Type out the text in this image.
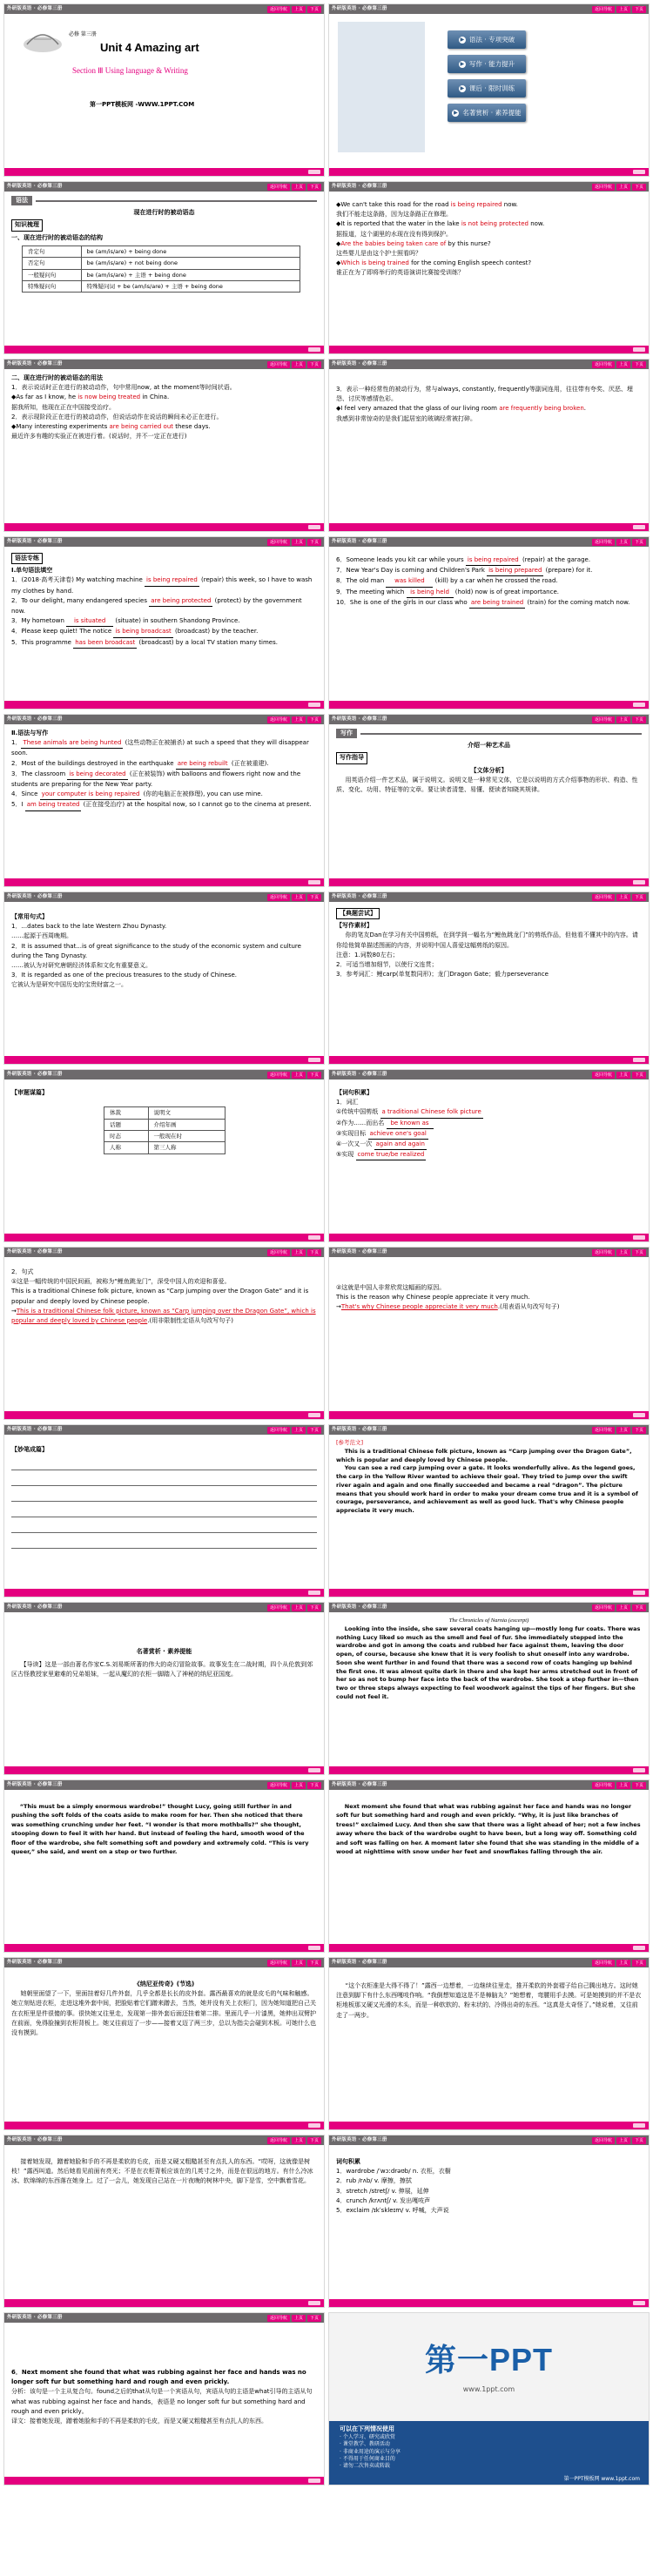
外研版英语 · 必修第三册	返回导航	上页	下页
必修 第三册
Unit 4 Amazing art
Section Ⅲ Using language & Writing
第一PPT模板网 -WWW.1PPT.COM
外研版英语 · 必修第三册	返回导航	上页	下页
▶ 语法 · 专项突破
▶ 写作 · 能力提升
▶ 课后 · 限时训练
▶ 名著赏析 · 素养提能
外研版英语 · 必修第三册	返回导航	上页	下页
语法
现在进行时的被动语态
知识梳理
一、现在进行时的被动语态的结构
肯定句	be (am/is/are) + being done
否定句	be (am/is/are) + not being done
一般疑问句	be (am/is/are) + 主语 + being done
特殊疑问句	特殊疑问词 + be (am/is/are) + 主语 + being done
外研版英语 · 必修第三册	返回导航	上页	下页
◆We can't take this road for the road is being repaired now.
我们不能走这条路，因为这条路正在修理。
◆It is reported that the water in the lake is not being protected now.
据报道，这个湖里的水现在没有得到保护。
◆Are the babies being taken care of by this nurse?
这些婴儿是由这个护士照看吗？
◆Which is being trained for the coming English speech contest?
谁正在为了即将举行的英语演讲比赛接受训练？
外研版英语 · 必修第三册	返回导航	上页	下页
二、现在进行时的被动语态的用法
1．表示说话时正在进行的被动动作，句中常用now, at the moment等时间状语。
◆As far as I know, he is now being treated in China.
据我所知，他现在正在中国接受治疗。
2．表示现阶段正在进行的被动动作，但说话动作在说话的瞬间未必正在进行。
◆Many interesting experiments are being carried out these days.
最近许多有趣的实验正在被进行着。(说话时，并不一定正在进行)
外研版英语 · 必修第三册	返回导航	上页	下页
3．表示一种经常性的被动行为，常与always, constantly, frequently等副词连用，往往带有夸奖、厌恶、埋怨、讨厌等感情色彩。
◆I feel very amazed that the glass of our living room are frequently being broken.
我感到非常惊奇的是我们起居室的玻璃经常被打碎。
外研版英语 · 必修第三册	返回导航	上页	下页
语法专练
Ⅰ.单句语法填空
1．(2018·高考天津卷) My watching machine is being repaired (repair) this week, so I have to wash my clothes by hand.
2．To our delight, many endangered species are being protected (protect) by the government now.
3．My hometown is situated (situate) in southern Shandong Province.
4．Please keep quiet! The notice is being broadcast (broadcast) by the teacher.
5．This programme has been broadcast (broadcast) by a local TV station many times.
外研版英语 · 必修第三册	返回导航	上页	下页
6．Someone leads you kit car while yours is being repaired (repair) at the garage.
7．New Year's Day is coming and Children's Park is being prepared (prepare) for it.
8．The old man was killed (kill) by a car when he crossed the road.
9．The meeting which is being held (hold) now is of great importance.
10．She is one of the girls in our class who are being trained (train) for the coming match now.
外研版英语 · 必修第三册	返回导航	上页	下页
Ⅱ.语法与写作
1． These animals are being hunted (这些动物正在被捕杀) at such a speed that they will disappear soon.
2．Most of the buildings destroyed in the earthquake are being rebuilt (正在被重建).
3．The classroom is being decorated (正在被装饰) with balloons and flowers right now and the students are preparing for the New Year party.
4．Since your computer is being repaired (你的电脑正在被修理), you can use mine.
5．I am being treated (正在接受治疗) at the hospital now, so I cannot go to the cinema at present.
外研版英语 · 必修第三册	返回导航	上页	下页
写作
介绍一种艺术品
写作指导
【文体分析】
用英语介绍一件艺术品，属于说明文。说明文是一种常见文体，它是以说明的方式介绍事物的形状、构造、性质、变化、功用、特征等的文章。要让读者清楚、易懂、便读者知晓其规律。
外研版英语 · 必修第三册	返回导航	上页	下页
【常用句式】
1．...dates back to the late Western Zhou Dynasty.
……起源于西周晚期。
2．It is assumed that...is of great significance to the study of the economic system and culture during the Tang Dynasty.
……被认为对研究唐朝经济体系和文化有重要意义。
3．It is regarded as one of the precious treasures to the study of Chinese.
它被认为是研究中国历史的宝贵财富之一。
外研版英语 · 必修第三册	返回导航	上页	下页
【典题尝试】
【写作素材】
你的笔友Dan在学习有关中国剪纸，在到学到一幅名为“鲤鱼跳龙门”的剪纸作品，但他看不懂其中的内容。请你给他简单描述图画的内容，并说明中国人喜爱这幅剪纸的原因。
注意：1.词数80左右；
2．可适当增加细节，以使行文连贯；
3．参考词汇：鲤carp(单复数同形)；龙门Dragon Gate；毅力perseverance
外研版英语 · 必修第三册	返回导航	上页	下页
【审题谋篇】
体裁	说明文
话题	介绍年画
时态	一般现在时
人称	第三人称
外研版英语 · 必修第三册	返回导航	上页	下页
【词句积累】
1．词汇
①传统中国剪纸 a traditional Chinese folk picture
②作为……而出名 be known as
③实现目标 achieve one's goal
④一次又一次 again and again
⑤实现 come true/be realized
外研版英语 · 必修第三册	返回导航	上页	下页
2．句式
①这是一幅传统的中国民间画，被称为“鲤鱼跳龙门”，深受中国人的欢迎和喜爱。
This is a traditional Chinese folk picture, known as “Carp jumping over the Dragon Gate” and it is popular and deeply loved by Chinese people.
→This is a traditional Chinese folk picture, known as “Carp jumping over the Dragon Gate”, which is popular and deeply loved by Chinese people.(用非限制性定语从句改写句子)
外研版英语 · 必修第三册	返回导航	上页	下页
②这就是中国人非常欣赏这幅画的原因。
This is the reason why Chinese people appreciate it very much.
→That's why Chinese people appreciate it very much.(用表语从句改写句子)
外研版英语 · 必修第三册	返回导航	上页	下页
【妙笔成篇】
外研版英语 · 必修第三册	返回导航	上页	下页
[参考范文]
This is a traditional Chinese folk picture, known as “Carp jumping over the Dragon Gate”, which is popular and deeply loved by Chinese people.
You can see a red carp jumping over a gate. It looks wonderfully alive. As the legend goes, the carp in the Yellow River wanted to achieve their goal. They tried to jump over the swift river again and again and one finally succeeded and became a real “dragon”. The picture means that you should work hard in order to make your dream come true and it is a symbol of courage, perseverance, and achievement as well as good luck. That's why Chinese people appreciate it very much.
外研版英语 · 必修第三册	返回导航	上页	下页
名著赏析 · 素养提能
【导读】这是一部由著名作家C.S.刘易斯所著的伟大的奇幻冒险故事。故事发生在二战时期，四个从伦敦到郊区古怪教授家里避难的兄弟姐妹，一起从魔幻的衣柜一脚踏入了神秘的纳尼亚国度。
外研版英语 · 必修第三册	返回导航	上页	下页
The Chronicles of Narnia (excerpt)
Looking into the inside, she saw several coats hanging up—mostly long fur coats. There was nothing Lucy liked so much as the smell and feel of fur. She immediately stepped into the wardrobe and got in among the coats and rubbed her face against them, leaving the door open, of course, because she knew that it is very foolish to shut oneself into any wardrobe. Soon she went further in and found that there was a second row of coats hanging up behind the first one. It was almost quite dark in there and she kept her arms stretched out in front of her so as not to bump her face into the back of the wardrobe. She took a step further in—then two or three steps always expecting to feel woodwork against the tips of her fingers. But she could not feel it.
外研版英语 · 必修第三册	返回导航	上页	下页
“This must be a simply enormous wardrobe!” thought Lucy, going still further in and pushing the soft folds of the coats aside to make room for her. Then she noticed that there was something crunching under her feet. “I wonder is that more mothballs?” she thought, stooping down to feel it with her hand. But instead of feeling the hard, smooth wood of the floor of the wardrobe, she felt something soft and powdery and extremely cold. “This is very queer,” she said, and went on a step or two further.
外研版英语 · 必修第三册	返回导航	上页	下页
Next moment she found that what was rubbing against her face and hands was no longer soft fur but something hard and rough and even prickly. “Why, it is just like branches of trees!” exclaimed Lucy. And then she saw that there was a light ahead of her; not a few inches away where the back of the wardrobe ought to have been, but a long way off. Something cold and soft was falling on her. A moment later she found that she was standing in the middle of a wood at nighttime with snow under her feet and snowflakes falling through the air.
外研版英语 · 必修第三册	返回导航	上页	下页
《纳尼亚传奇》(节选)
她朝里面望了一下，里面挂着好几件外套，几乎全都是长长的皮外套。露西最喜欢的就是皮毛的气味和触感。她立刻钻进衣柜，走进这堆外套中间，把脸贴着它们蹭来蹭去，当然，她并没有关上衣柜门，因为她知道把自己关在衣柜里是件很傻的事。很快她又往里走，发现第一排外套后面还挂着第二排。里面几乎一片漆黑，她伸出双臂护在前面，免得脸撞到衣柜背板上。她又往前迈了一步——接着又迈了两三步，总以为指尖会碰到木板。可她什么也没有摸到。
外研版英语 · 必修第三册	返回导航	上页	下页
“这个衣柜准是大得不得了！”露西一边想着，一边继续往里走，推开柔软的外套褶子给自己腾出地方。这时她注意到脚下有什么东西嘎吱作响。“我倒想知道这是不是樟脑丸？”她想着，弯腰用手去摸。可是她摸到的并不是衣柜地板那又硬又光滑的木头，而是一种软软的、粉末状的、冷得出奇的东西。“这真是太奇怪了。”她说着，又往前走了一两步。
外研版英语 · 必修第三册	返回导航	上页	下页
接着她发现，蹭着她脸和手的不再是柔软的毛皮，而是又硬又粗糙甚至有点扎人的东西。“哎呀，这就像是树枝！”露西叫道。然后她看见前面有亮光；不是在衣柜背板应该在的几英寸之外，而是在很远的地方。有什么冷冰冰、软绵绵的东西落在她身上。过了一会儿，她发现自己站在一片夜晚的树林中央，脚下是雪，空中飘着雪花。
外研版英语 · 必修第三册	返回导航	上页	下页
词句积累
1．wardrobe /ˈwɔːdrəʊb/ n. 衣柜，衣橱
2．rub /rʌb/ v. 摩擦，擦拭
3．stretch /stretʃ/ v. 伸展，延伸
4．crunch /krʌntʃ/ v. 发出嘎吱声
5．exclaim /ɪkˈskleɪm/ v. 呼喊，大声说
外研版英语 · 必修第三册	返回导航	上页	下页
6．Next moment she found that what was rubbing against her face and hands was no longer soft fur but something hard and rough and even prickly.
分析：该句是一个主从复合句。found之后的that从句是一个宾语从句，宾语从句的主语是what引导的主语从句 what was rubbing against her face and hands，表语是 no longer soft fur but something hard and rough and even prickly。
译文：接着她发现，蹭着她脸和手的不再是柔软的毛皮，而是又硬又粗糙甚至有点扎人的东西。
第一PPT
www.1ppt.com
可以在下列情况使用
· 个人学习、研究或欣赏
· 课堂教学、教研活动
· 非商业用途的演示与分享
· 不得用于任何商业目的
· 请勿二次售卖或转载
第一PPT模板网 www.1ppt.com
